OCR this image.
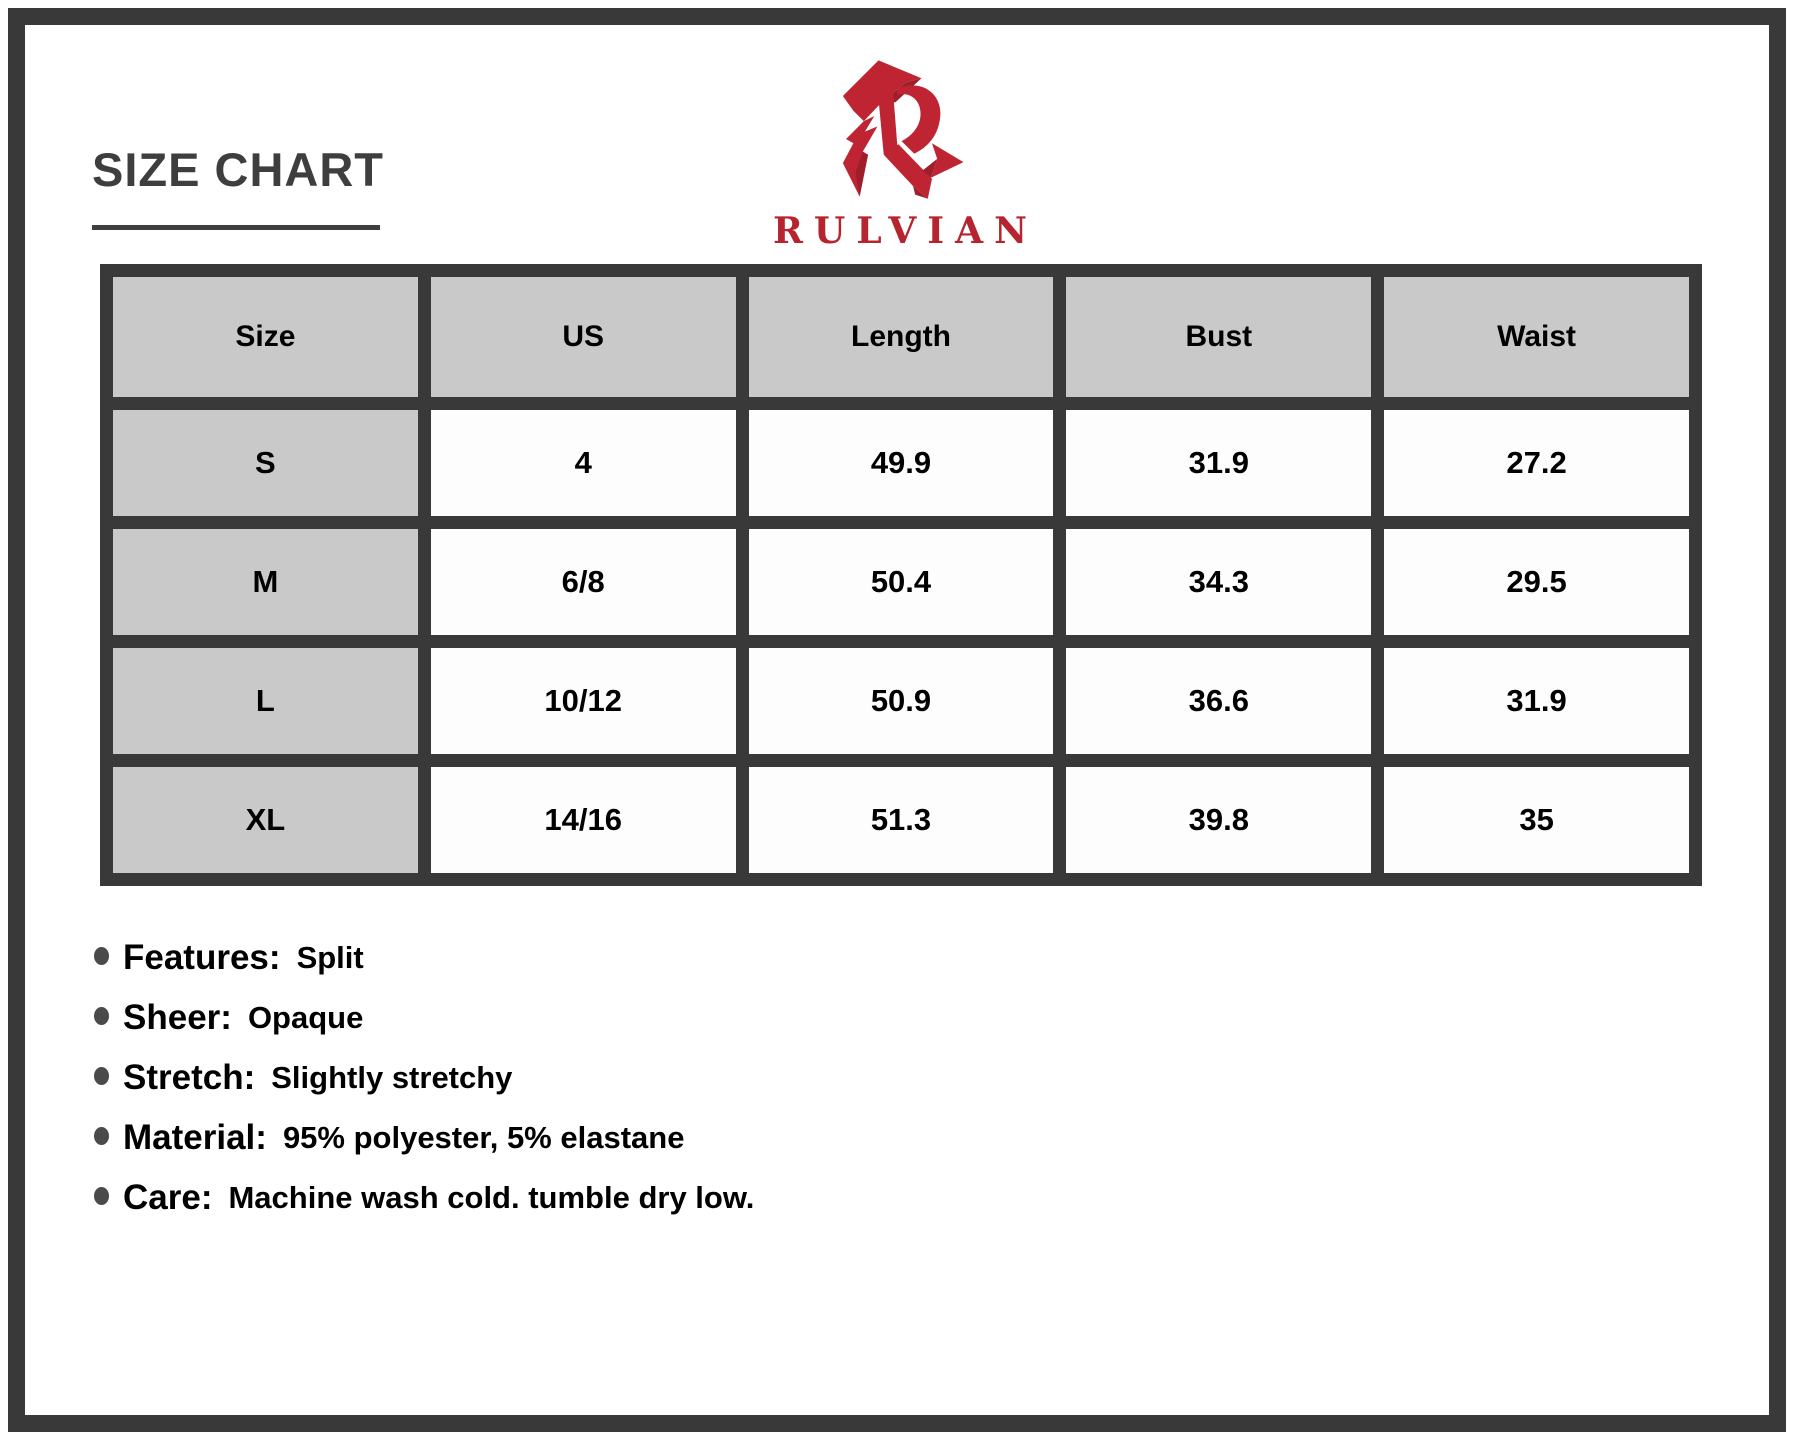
SIZE CHART
RULVIAN
Size	US	Length	Bust	Waist
S	4	49.9	31.9	27.2
M	6/8	50.4	34.3	29.5
L	10/12	50.9	36.6	31.9
XL	14/16	51.3	39.8	35
Features: Split
Sheer: Opaque
Stretch: Slightly stretchy
Material: 95% polyester, 5% elastane
Care: Machine wash cold. tumble dry low.
